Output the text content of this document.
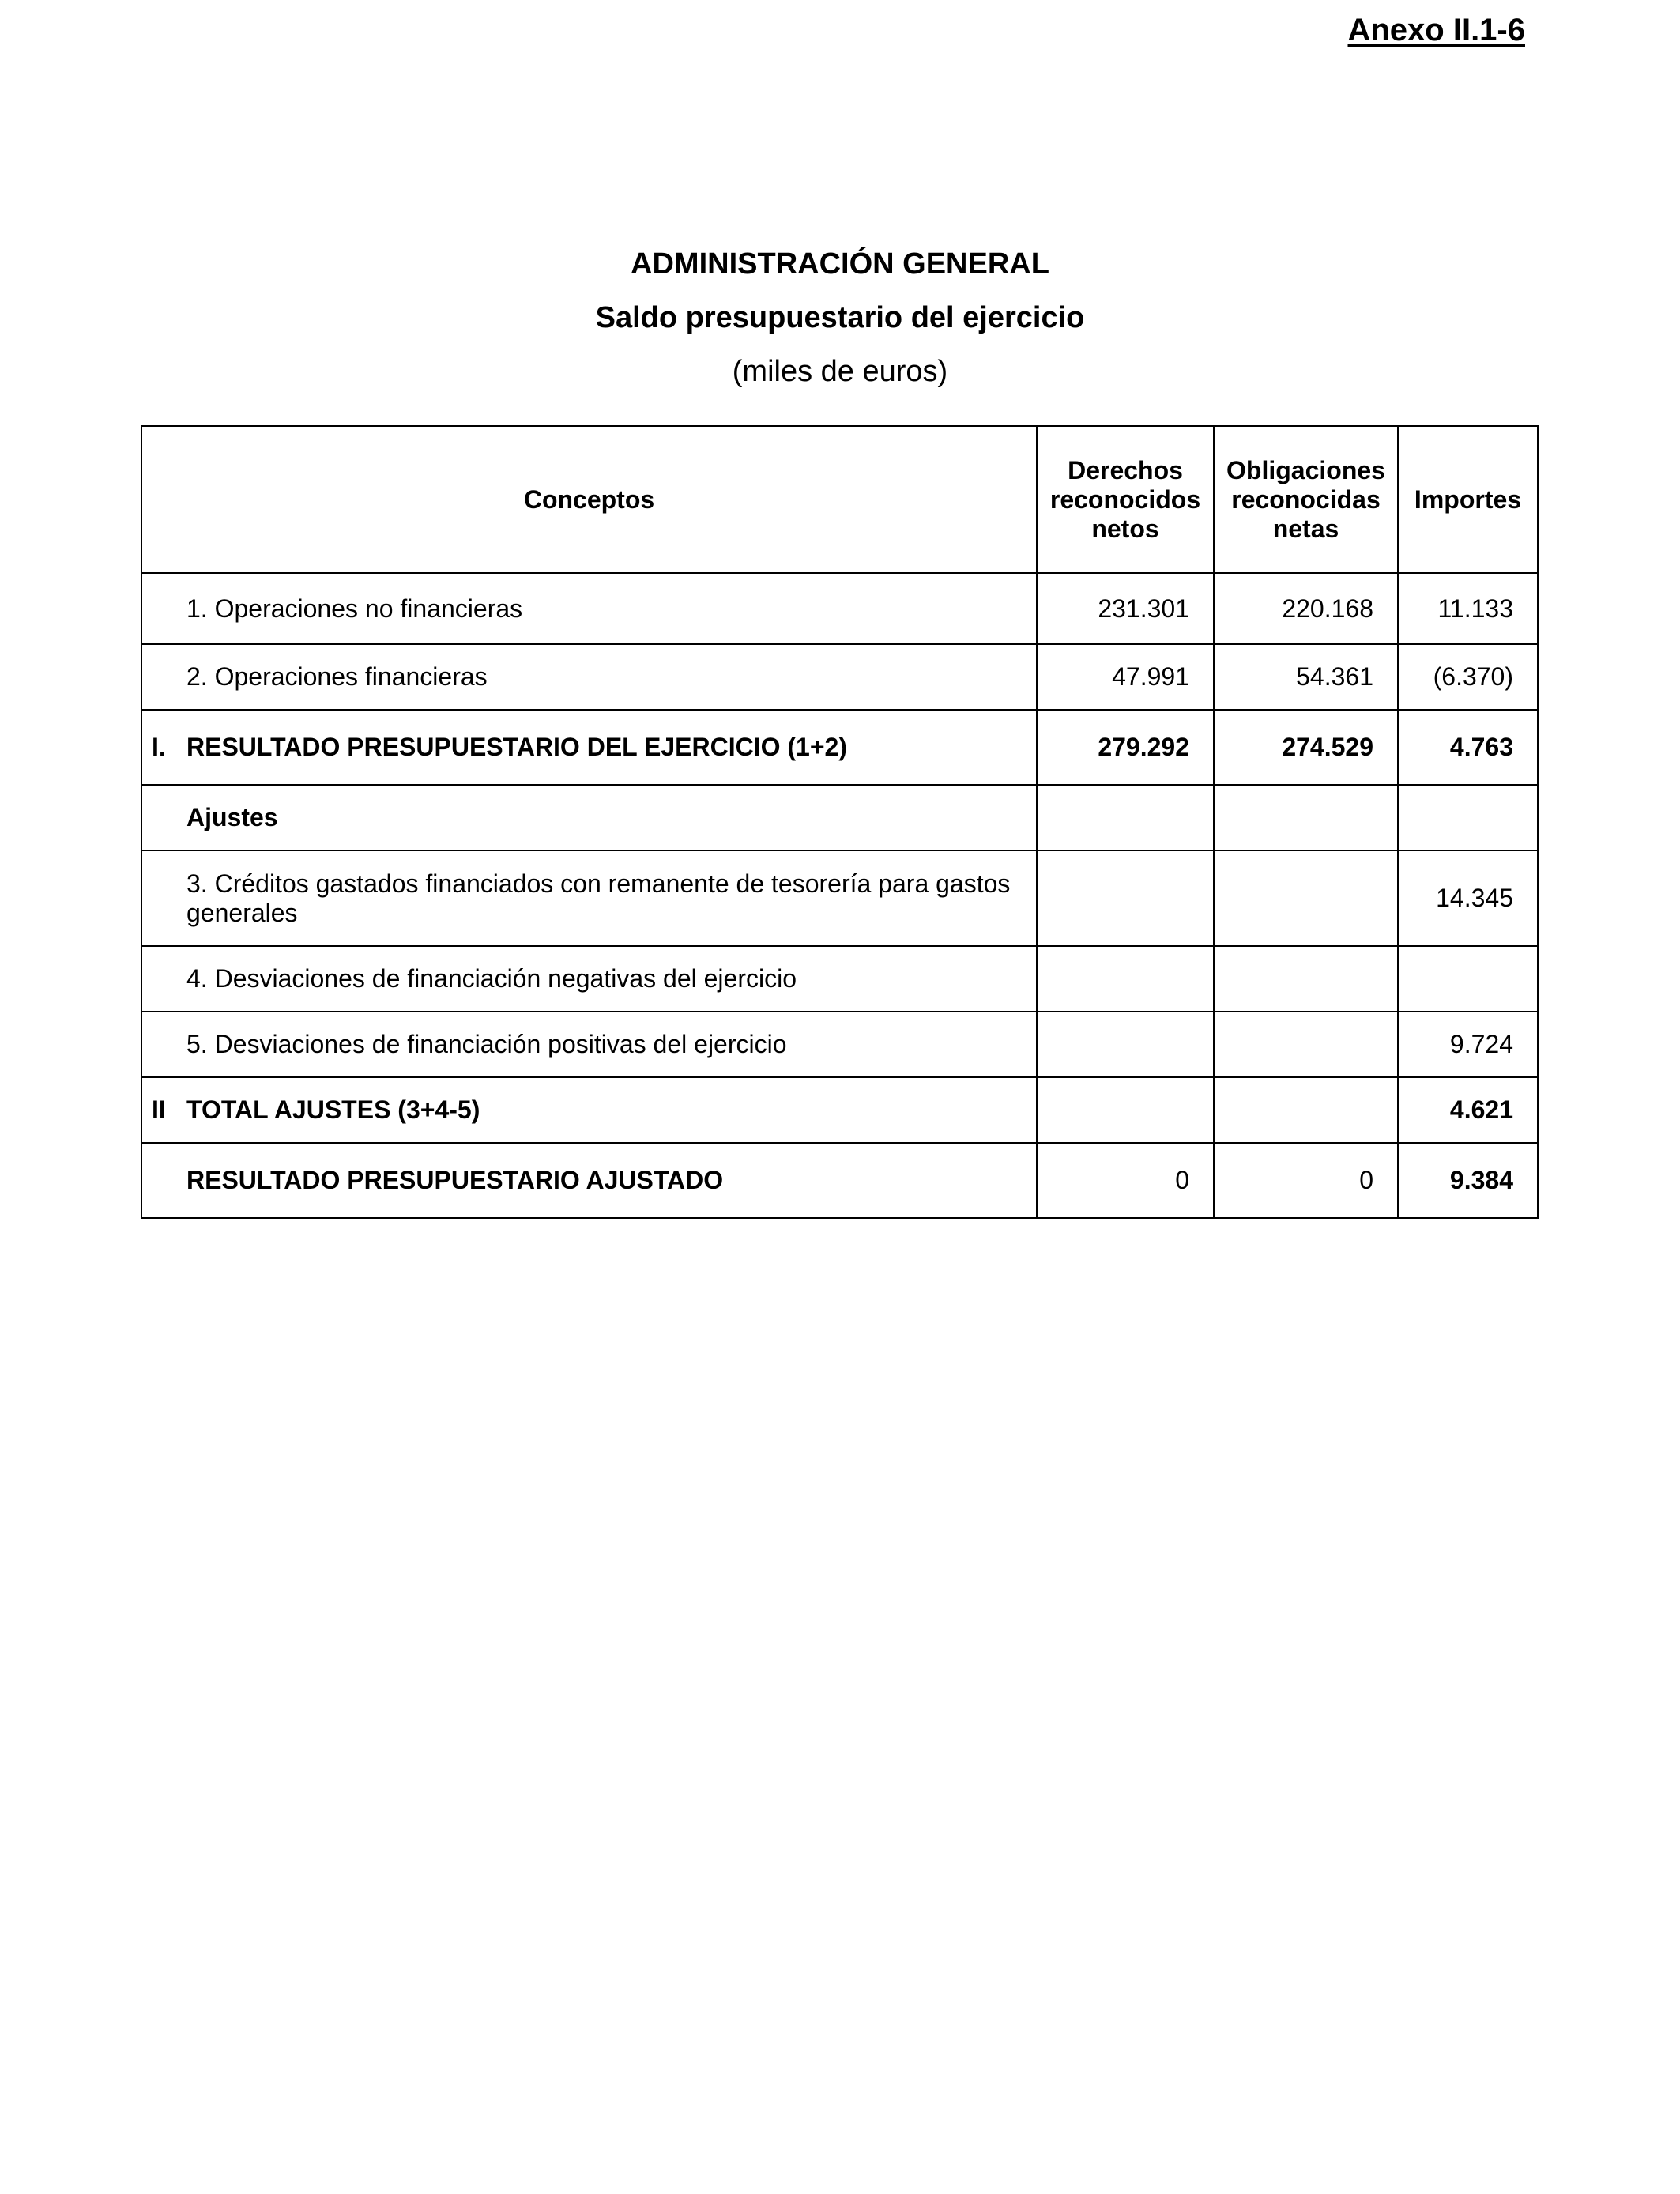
Anexo II.1-6
ADMINISTRACIÓN GENERAL
Saldo presupuestario del ejercicio
(miles de euros)
Conceptos	Derechos reconocidos netos	Obligaciones reconocidas netas	Importes

1. Operaciones no financieras	231.301	220.168	11.133

2. Operaciones financieras	47.991	54.361	(6.370)

I. RESULTADO PRESUPUESTARIO DEL EJERCICIO (1+2)	279.292	274.529	4.763

Ajustes			

3. Créditos gastados financiados con remanente de tesorería para gastos generales			14.345

4. Desviaciones de financiación negativas del ejercicio			

5. Desviaciones de financiación positivas del ejercicio			9.724

II TOTAL AJUSTES (3+4-5)			4.621

RESULTADO PRESUPUESTARIO AJUSTADO	0	0	9.384
